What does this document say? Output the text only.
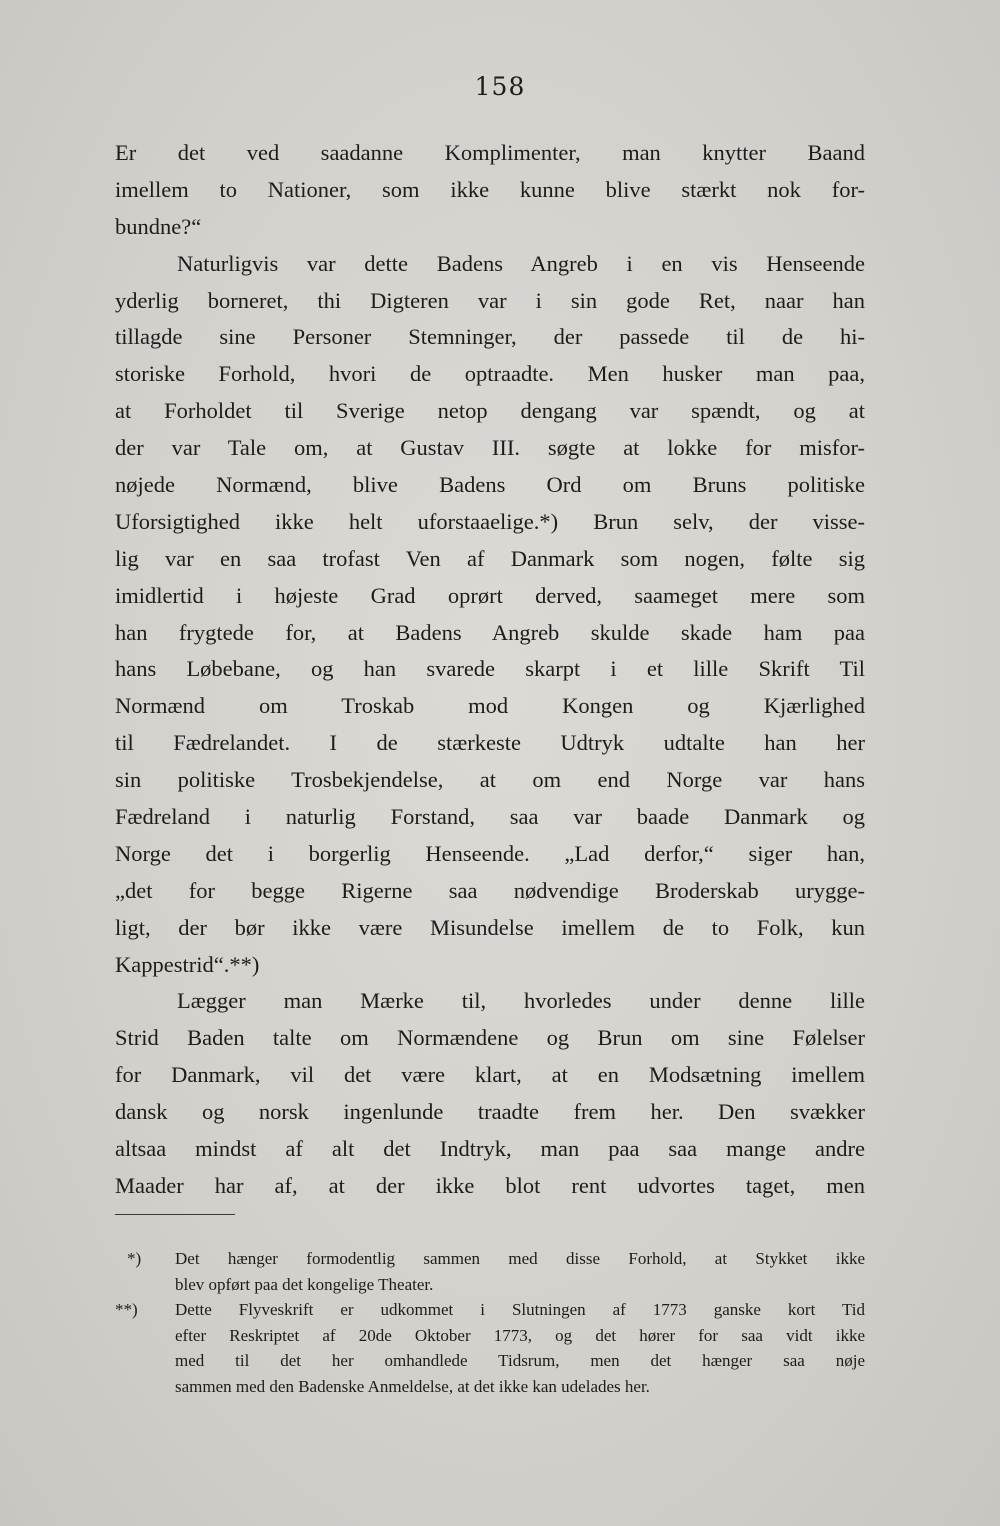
158
Er det ved saadanne Komplimenter, man knytter Baand
imellem to Nationer, som ikke kunne blive stærkt nok for-
bundne?“
Naturligvis var dette Badens Angreb i en vis Henseende
yderlig borneret, thi Digteren var i sin gode Ret, naar han
tillagde sine Personer Stemninger, der passede til de hi-
storiske Forhold, hvori de optraadte. Men husker man paa,
at Forholdet til Sverige netop dengang var spændt, og at
der var Tale om, at Gustav III. søgte at lokke for misfor-
nøjede Normænd, blive Badens Ord om Bruns politiske
Uforsigtighed ikke helt uforstaaelige.*) Brun selv, der visse-
lig var en saa trofast Ven af Danmark som nogen, følte sig
imidlertid i højeste Grad oprørt derved, saameget mere som
han frygtede for, at Badens Angreb skulde skade ham paa
hans Løbebane, og han svarede skarpt i et lille Skrift Til
Normænd om Troskab mod Kongen og Kjærlighed
til Fædrelandet. I de stærkeste Udtryk udtalte han her
sin politiske Trosbekjendelse, at om end Norge var hans
Fædreland i naturlig Forstand, saa var baade Danmark og
Norge det i borgerlig Henseende. „Lad derfor,“ siger han,
„det for begge Rigerne saa nødvendige Broderskab urygge-
ligt, der bør ikke være Misundelse imellem de to Folk, kun
Kappestrid“.**)
Lægger man Mærke til, hvorledes under denne lille
Strid Baden talte om Normændene og Brun om sine Følelser
for Danmark, vil det være klart, at en Modsætning imellem
dansk og norsk ingenlunde traadte frem her. Den svækker
altsaa mindst af alt det Indtryk, man paa saa mange andre
Maader har af, at der ikke blot rent udvortes taget, men
*) Det hænger formodentlig sammen med disse Forhold, at Stykket ikke
blev opført paa det kongelige Theater.
**) Dette Flyveskrift er udkommet i Slutningen af 1773 ganske kort Tid
efter Reskriptet af 20de Oktober 1773, og det hører for saa vidt ikke
med til det her omhandlede Tidsrum, men det hænger saa nøje
sammen med den Badenske Anmeldelse, at det ikke kan udelades her.
